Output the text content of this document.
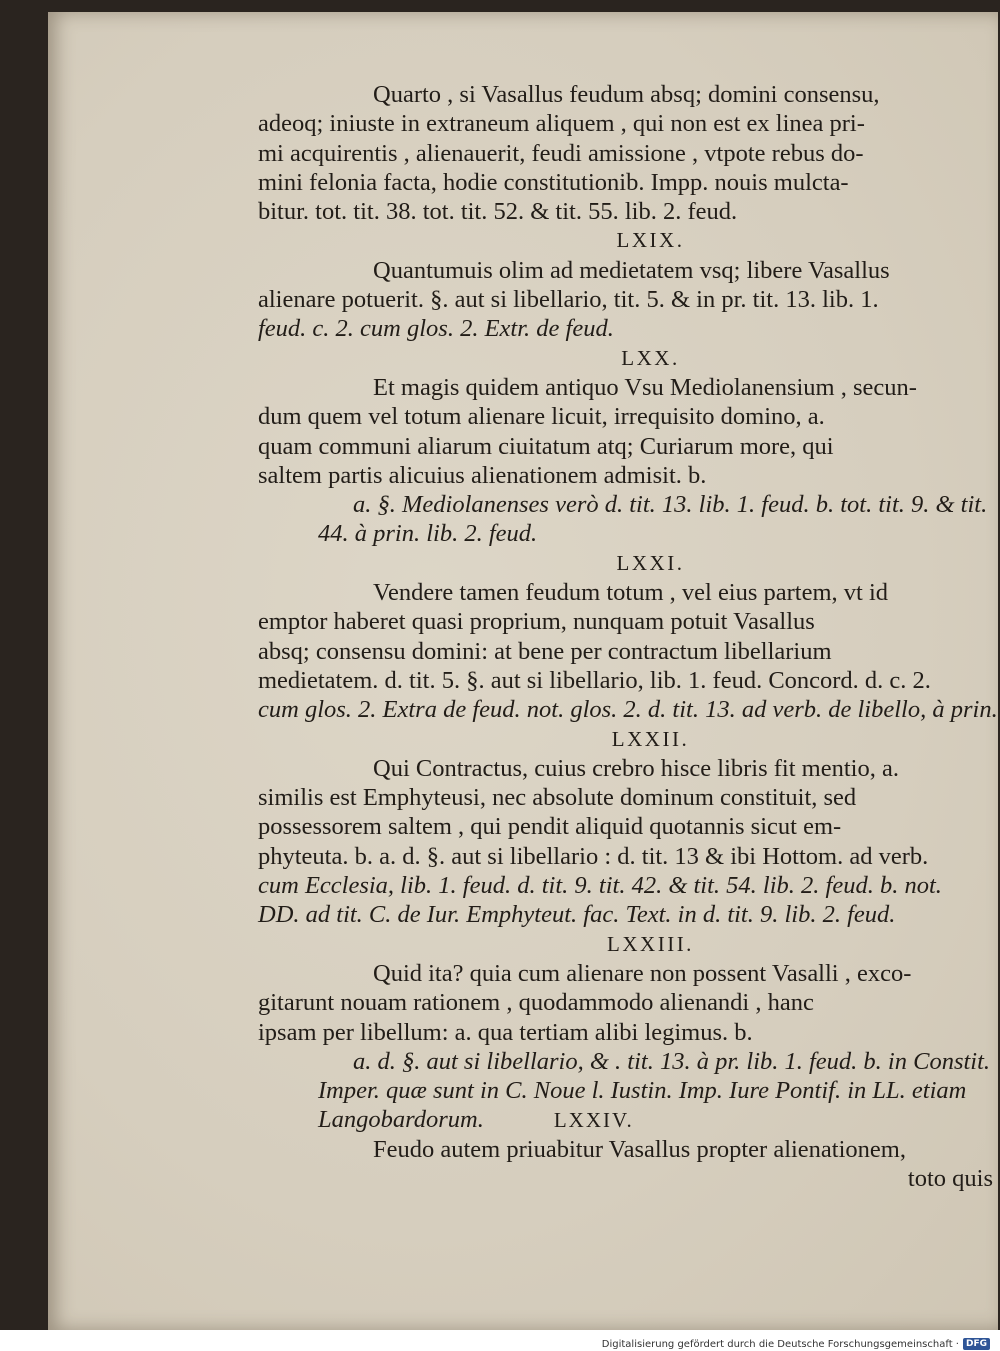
Quarto , si Vasallus feudum absq; domini consensu,
adeoq; iniuste in extraneum aliquem , qui non est ex linea pri-
mi acquirentis , alienauerit, feudi amissione , vtpote rebus do-
mini felonia facta, hodie constitutionib. Impp. nouis mulcta-
bitur. tot. tit. 38. tot. tit. 52. & tit. 55. lib. 2. feud.
LXIX.
Quantumuis olim ad medietatem vsq; libere Vasallus
alienare potuerit. §. aut si libellario, tit. 5. & in pr. tit. 13. lib. 1.
feud. c. 2. cum glos. 2. Extr. de feud.
LXX.
Et magis quidem antiquo Vsu Mediolanensium , secun-
dum quem vel totum alienare licuit, irrequisito domino, a.
quam communi aliarum ciuitatum atq; Curiarum more, qui
saltem partis alicuius alienationem admisit. b.
a. §. Mediolanenses verò d. tit. 13. lib. 1. feud. b. tot. tit. 9. & tit.
44. à prin. lib. 2. feud.
LXXI.
Vendere tamen feudum totum , vel eius partem, vt id
emptor haberet quasi proprium, nunquam potuit Vasallus
absq; consensu domini: at bene per contractum libellarium
medietatem. d. tit. 5. §. aut si libellario, lib. 1. feud. Concord. d. c. 2.
cum glos. 2. Extra de feud. not. glos. 2. d. tit. 13. ad verb. de libello, à prin.
LXXII.
Qui Contractus, cuius crebro hisce libris fit mentio, a.
similis est Emphyteusi, nec absolute dominum constituit, sed
possessorem saltem , qui pendit aliquid quotannis sicut em-
phyteuta. b. a. d. §. aut si libellario : d. tit. 13 & ibi Hottom. ad verb.
cum Ecclesia, lib. 1. feud. d. tit. 9. tit. 42. & tit. 54. lib. 2. feud. b. not.
DD. ad tit. C. de Iur. Emphyteut. fac. Text. in d. tit. 9. lib. 2. feud.
LXXIII.
Quid ita? quia cum alienare non possent Vasalli , exco-
gitarunt nouam rationem , quodammodo alienandi , hanc
ipsam per libellum: a. qua tertiam alibi legimus. b.
a. d. §. aut si libellario, & . tit. 13. à pr. lib. 1. feud. b. in Constit.
Imper. quæ sunt in C. Noue l. Iustin. Imp. Iure Pontif. in LL. etiam
Langobardorum.	LXXIV.
Feudo autem priuabitur Vasallus propter alienationem,
toto quis
Digitalisierung gefördert durch die Deutsche Forschungsgemeinschaft · DFG
